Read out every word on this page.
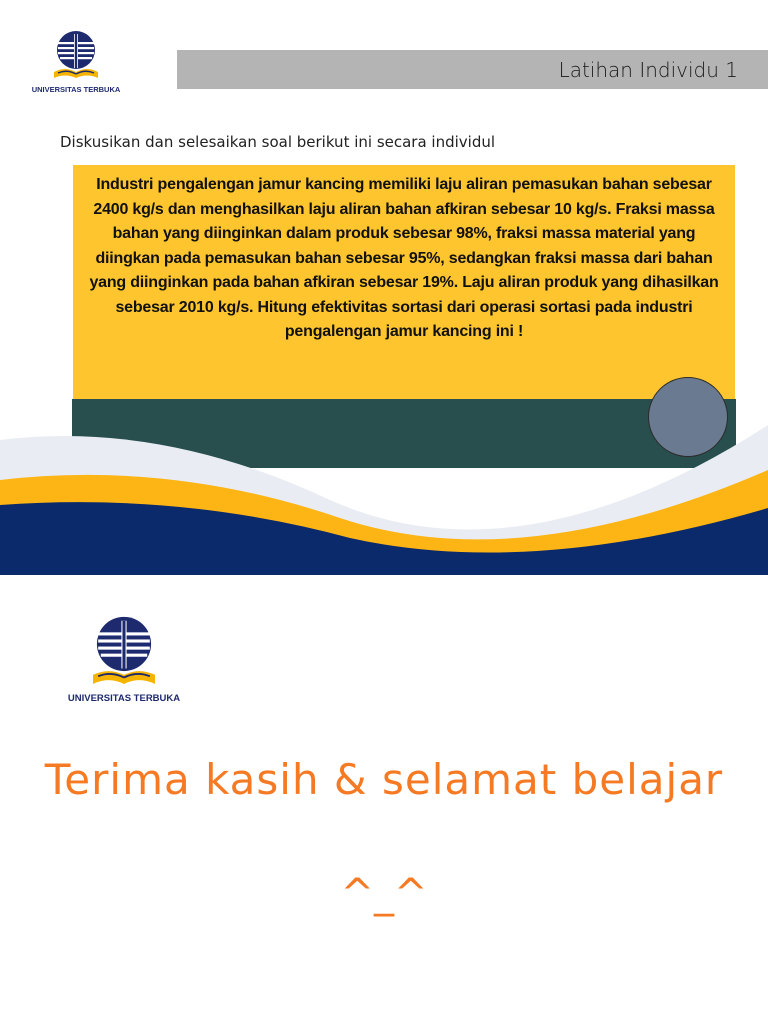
UNIVERSITAS TERBUKA
Latihan Individu 1
Diskusikan dan selesaikan soal berikut ini secara individul
Industri pengalengan jamur kancing memiliki laju aliran pemasukan bahan sebesar 2400 kg/s dan menghasilkan laju aliran bahan afkiran sebesar 10 kg/s. Fraksi massa bahan yang diinginkan dalam produk sebesar 98%, fraksi massa material yang diingkan pada pemasukan bahan sebesar 95%, sedangkan fraksi massa dari bahan yang diinginkan pada bahan afkiran sebesar 19%. Laju aliran produk yang dihasilkan sebesar 2010 kg/s. Hitung efektivitas sortasi dari operasi sortasi pada industri pengalengan jamur kancing ini !
UNIVERSITAS TERBUKA
Terima kasih & selamat belajar
^_^
